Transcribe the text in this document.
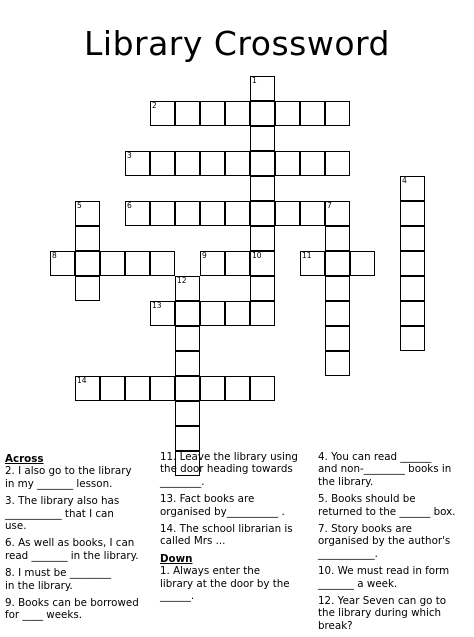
Library Crossword
2
3
6	7
8	9	10	11
13
14
1
4
5
12

Across

2. I also go to the library
in my _______ lesson.

3. The library also has
___________ that I can
use.

6. As well as books, I can
read _______ in the library.

8. I must be ________
in the library.

9. Books can be borrowed
for ____ weeks.

11. Leave the library using
the door heading towards
________.

13. Fact books are
organised by__________ .

14. The school librarian is
called Mrs ...

Down

1. Always enter the
library at the door by the
______.

4. You can read ______
and non-________ books in
the library.

5. Books should be
returned to the ______ box.

7. Story books are
organised by the author's
___________.

10. We must read in form
_______ a week.

12. Year Seven can go to
the library during which
break?
